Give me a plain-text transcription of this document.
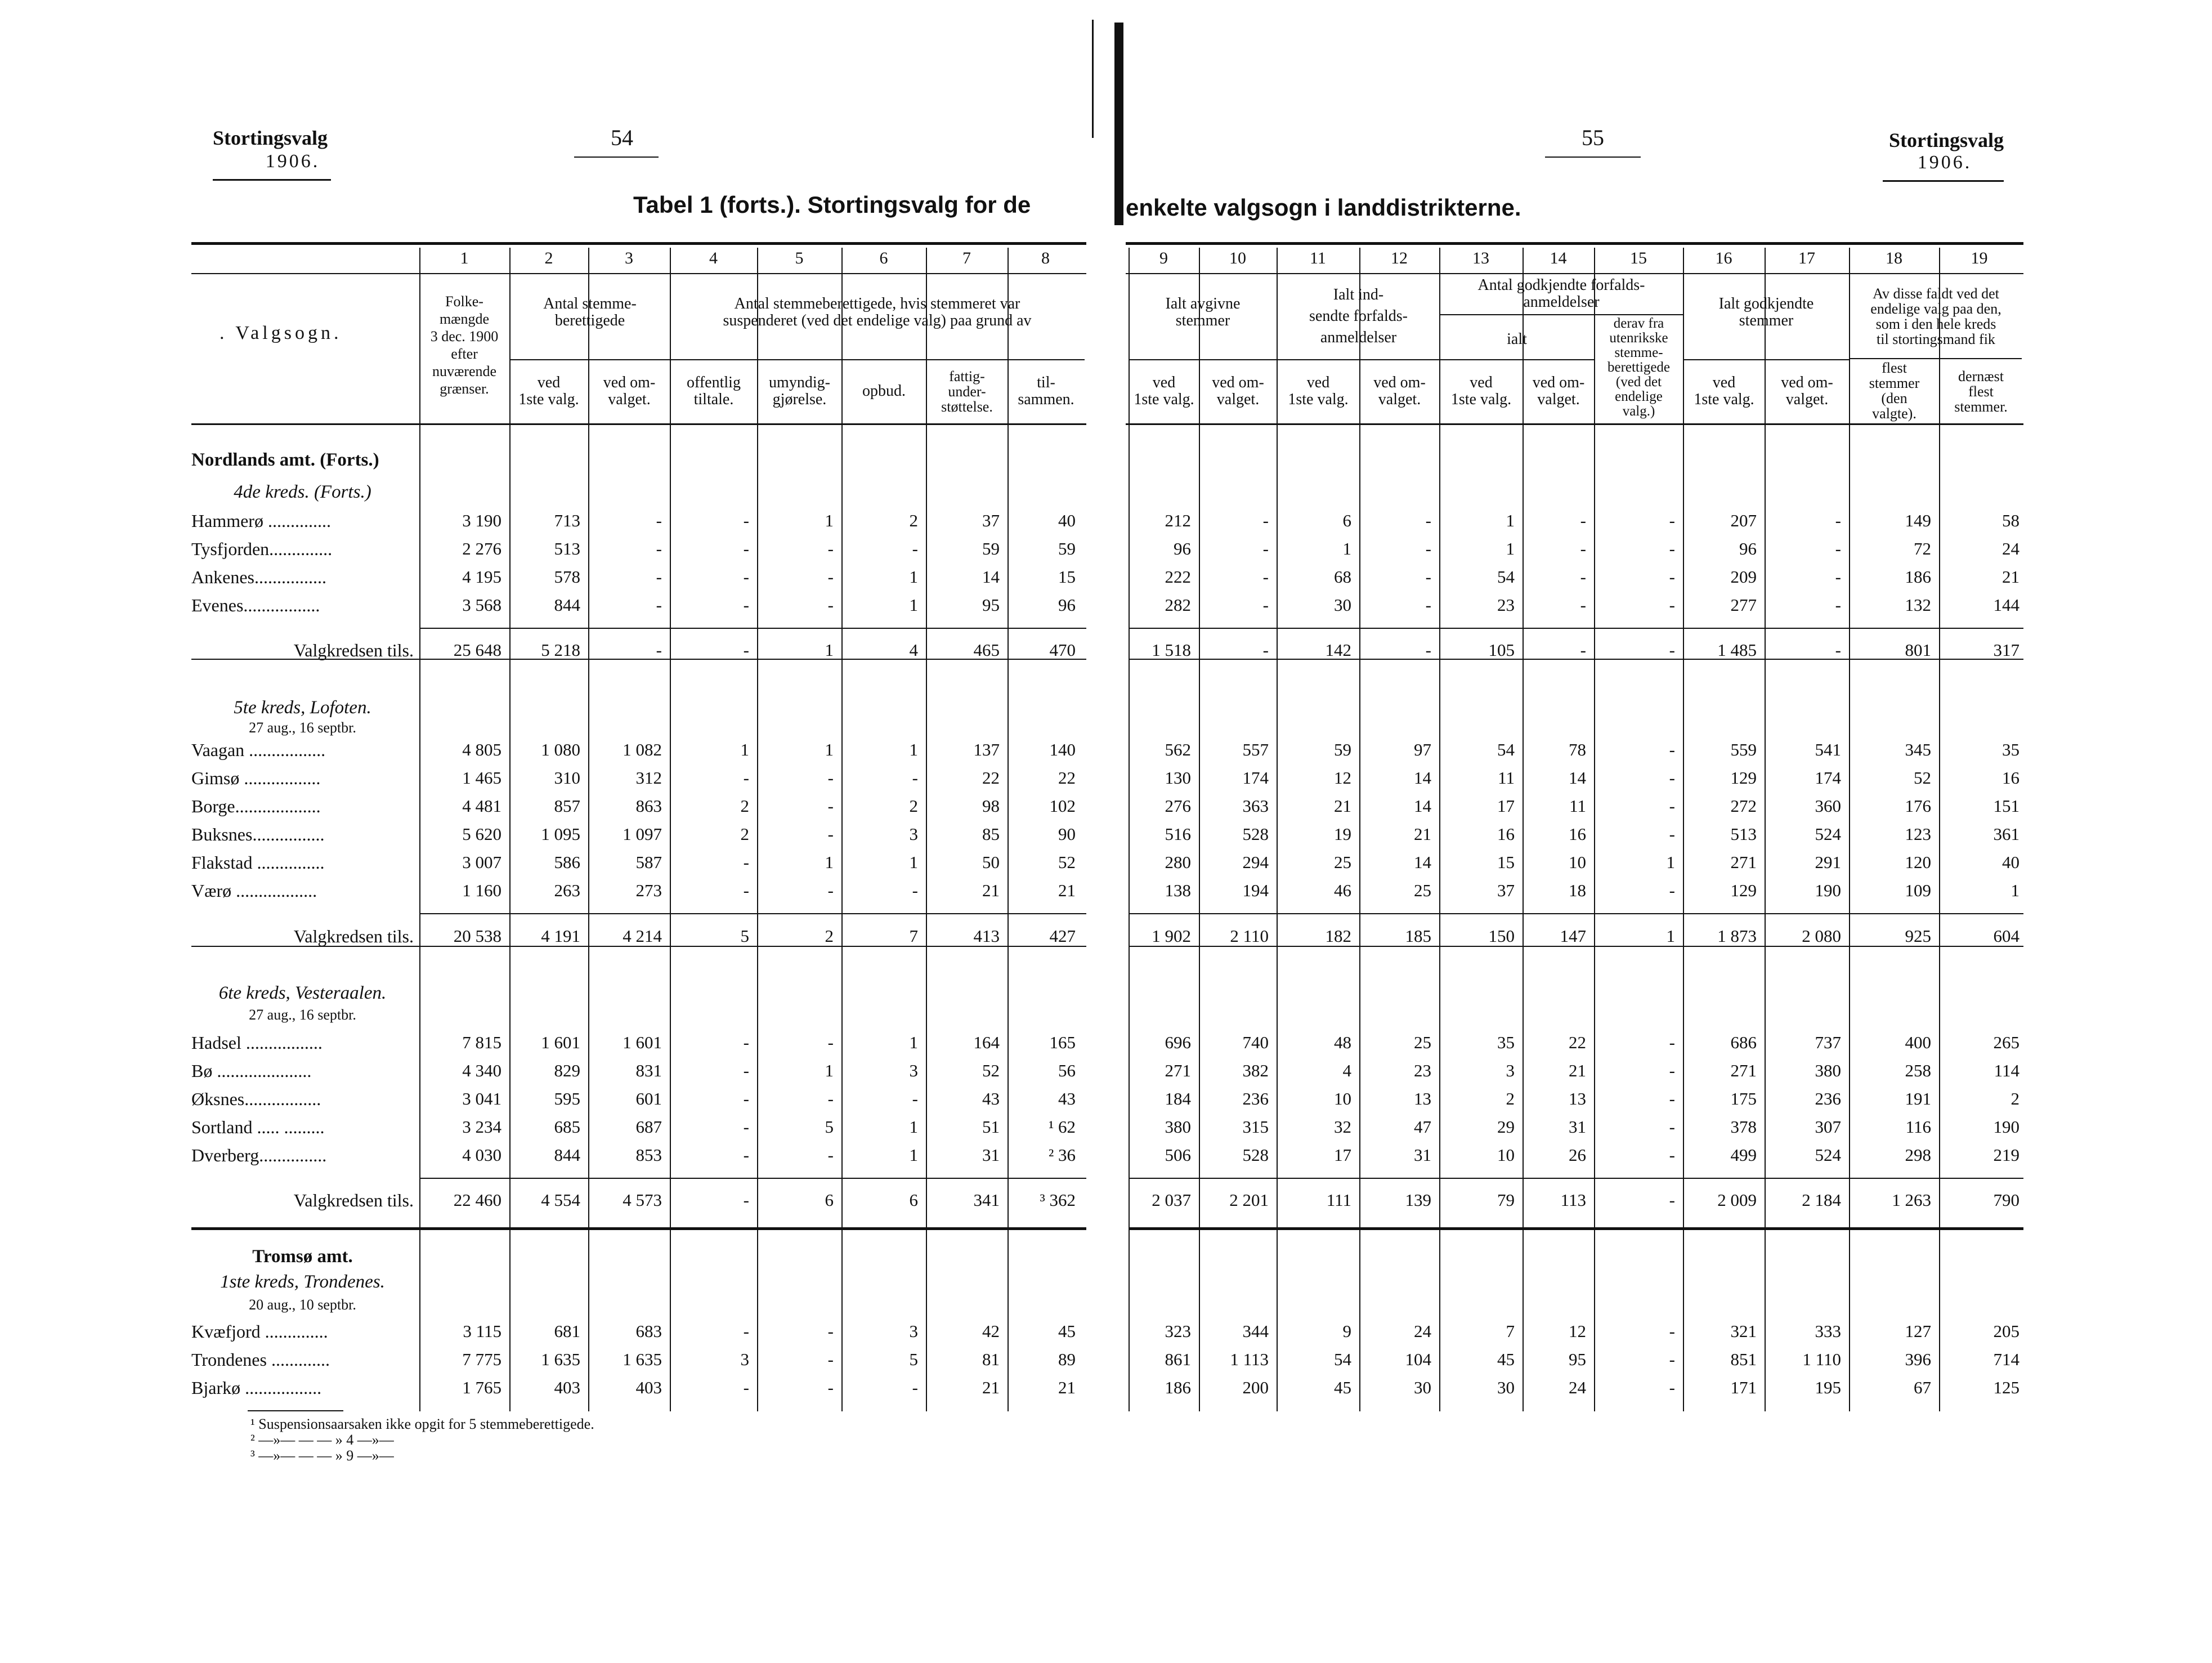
Stortingsvalg
1906.
54	Stortingsvalg
1906.
55
Tabel 1 (forts.). Stortingsvalg for de	enkelte valgsogn i landdistrikterne.
1	2	3	4	5	6	7	8	9	10	11	12	13	14	15	16	17	18	19
. Valgsogn.
Folke-
mængde
3 dec. 1900
efter
nuværende
grænser.
Antal stemme-
berettigede
ved
1ste valg.
ved om-
valget.
Antal stemmeberettigede, hvis stemmeret var
suspenderet (ved det endelige valg) paa grund av
offentlig
tiltale.
umyndig-
gjørelse.	opbud.
fattig-
under-
støttelse.
til-
sammen.
Ialt avgivne
stemmer
ved
1ste valg.
ved om-
valget.
Ialt ind-
sendte forfalds-
anmeldelser
ved
1ste valg.
ved om-
valget.
Antal godkjendte forfalds-
anmeldelser
ialt
ved
1ste valg.
ved om-
valget.
derav fra
utenrikske
stemme-
berettigede
(ved det
endelige
valg.)
Ialt godkjendte
stemmer
ved
1ste valg.
ved om-
valget.
Av disse faldt ved det
endelige valg paa den,
som i den hele kreds
til stortingsmand fik
flest
stemmer
(den
valgte).
dernæst
flest
stemmer.
Nordlands amt. (Forts.)
4de kreds. (Forts.)
Hammerø ..............	3 190	713	-	-	1	2	37	40	212	-	6	-	1	-	-	207	-	149	58
Tysfjorden..............	2 276	513	-	-	-	-	59	59	96	-	1	-	1	-	-	96	-	72	24
Ankenes................	4 195	578	-	-	-	1	14	15	222	-	68	-	54	-	-	209	-	186	21
Evenes.................	3 568	844	-	-	-	1	95	96	282	-	30	-	23	-	-	277	-	132	144
Valgkredsen tils.	25 648	5 218	-	-	1	4	465	470	1 518	-	142	-	105	-	-	1 485	-	801	317
5te kreds, Lofoten.
27 aug., 16 septbr.
Vaagan .................	4 805	1 080	1 082	1	1	1	137	140	562	557	59	97	54	78	-	559	541	345	35
Gimsø .................	1 465	310	312	-	-	-	22	22	130	174	12	14	11	14	-	129	174	52	16
Borge...................	4 481	857	863	2	-	2	98	102	276	363	21	14	17	11	-	272	360	176	151
Buksnes................	5 620	1 095	1 097	2	-	3	85	90	516	528	19	21	16	16	-	513	524	123	361
Flakstad ...............	3 007	586	587	-	1	1	50	52	280	294	25	14	15	10	1	271	291	120	40
Værø ..................	1 160	263	273	-	-	-	21	21	138	194	46	25	37	18	-	129	190	109	1
Valgkredsen tils.	20 538	4 191	4 214	5	2	7	413	427	1 902	2 110	182	185	150	147	1	1 873	2 080	925	604
6te kreds, Vesteraalen.
27 aug., 16 septbr.
Hadsel .................	7 815	1 601	1 601	-	-	1	164	165	696	740	48	25	35	22	-	686	737	400	265
Bø .....................	4 340	829	831	-	1	3	52	56	271	382	4	23	3	21	-	271	380	258	114
Øksnes.................	3 041	595	601	-	-	-	43	43	184	236	10	13	2	13	-	175	236	191	2
Sortland ..... .........	3 234	685	687	-	5	1	51	¹ 62	380	315	32	47	29	31	-	378	307	116	190
Dverberg...............	4 030	844	853	-	-	1	31	² 36	506	528	17	31	10	26	-	499	524	298	219
Valgkredsen tils.	22 460	4 554	4 573	-	6	6	341	³ 362	2 037	2 201	111	139	79	113	-	2 009	2 184	1 263	790
Tromsø amt.
1ste kreds, Trondenes.
20 aug., 10 septbr.
Kvæfjord ..............	3 115	681	683	-	-	3	42	45	323	344	9	24	7	12	-	321	333	127	205
Trondenes .............	7 775	1 635	1 635	3	-	5	81	89	861	1 113	54	104	45	95	-	851	1 110	396	714
Bjarkø .................	1 765	403	403	-	-	-	21	21	186	200	45	30	30	24	-	171	195	67	125
¹ Suspensionsaarsaken ikke opgit for 5 stemmeberettigede.
² —»— — — » 4 —»—
³ —»— — — » 9 —»—
